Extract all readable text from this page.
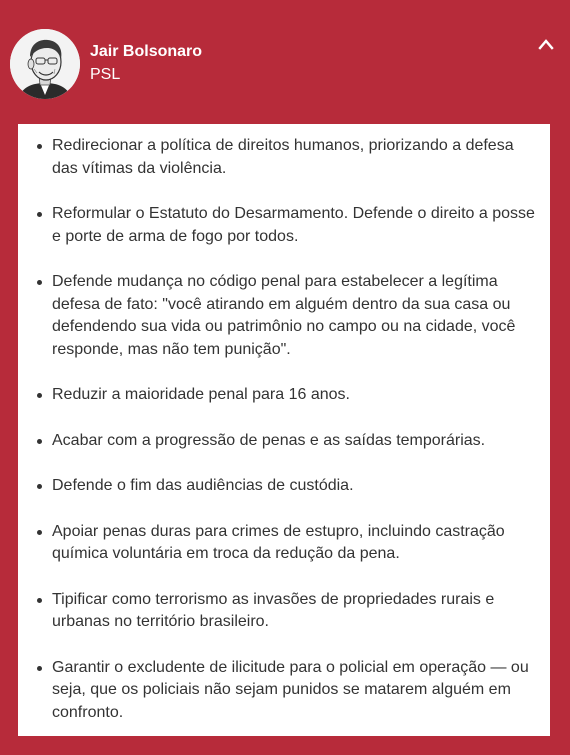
Jair Bolsonaro
PSL
Redirecionar a política de direitos humanos, priorizando a defesa das vítimas da violência.
Reformular o Estatuto do Desarmamento. Defende o direito a posse e porte de arma de fogo por todos.
Defende mudança no código penal para estabelecer a legítima defesa de fato: "você atirando em alguém dentro da sua casa ou defendendo sua vida ou patrimônio no campo ou na cidade, você responde, mas não tem punição".
Reduzir a maioridade penal para 16 anos.
Acabar com a progressão de penas e as saídas temporárias.
Defende o fim das audiências de custódia.
Apoiar penas duras para crimes de estupro, incluindo castração química voluntária em troca da redução da pena.
Tipificar como terrorismo as invasões de propriedades rurais e urbanas no território brasileiro.
Garantir o excludente de ilicitude para o policial em operação — ou seja, que os policiais não sejam punidos se matarem alguém em confronto.
